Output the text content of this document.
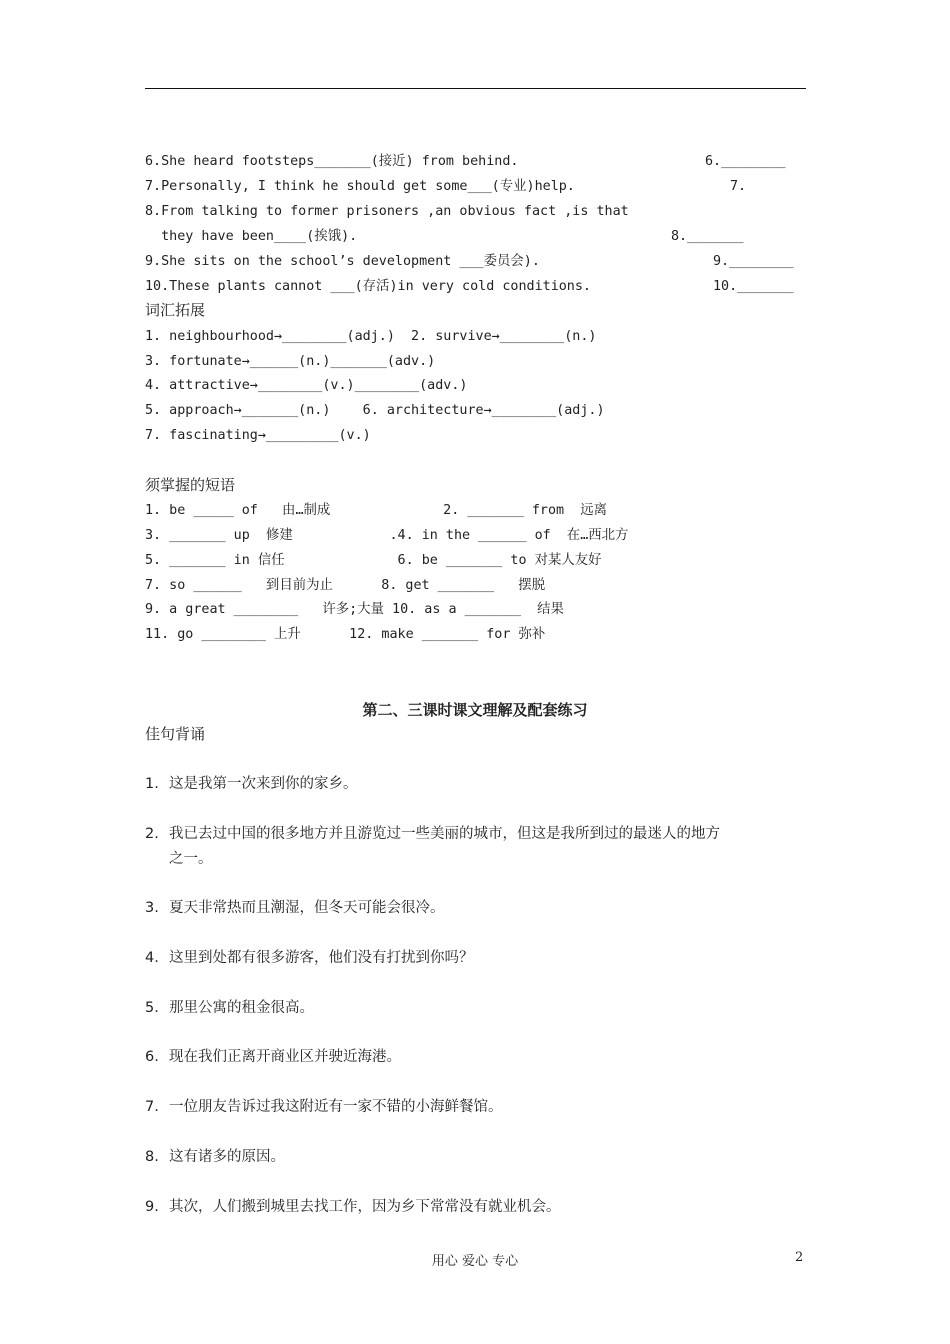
6.She heard footsteps_______(接近) from behind.	6.________
7.Personally, I think he should get some___(专业)help.	7.
8.From talking to former prisoners ,an obvious fact ,is that
they have been____(挨饿).	8._______
9.She sits on the school’s development ___委员会).	9.________
10.These plants cannot ___(存活)in very cold conditions.	10._______
词汇拓展
1. neighbourhood→________(adj.)  2. survive→________(n.)
3. fortunate→______(n.)_______(adv.)
4. attractive→________(v.)________(adv.)
5. approach→_______(n.)    6. architecture→________(adj.)
7. fascinating→_________(v.)
须掌握的短语
1. be _____ of   由…制成              2. _______ from  远离
3. _______ up  修建            .4. in the ______ of  在…西北方
5. _______ in 信任              6. be _______ to 对某人友好
7. so ______   到目前为止      8. get _______   摆脱
9. a great ________   许多;大量 10. as a _______  结果
11. go ________ 上升      12. make _______ for 弥补
第二、三课时课文理解及配套练习
佳句背诵
1. 这是我第一次来到你的家乡。
2. 我已去过中国的很多地方并且游览过一些美丽的城市，但这是我所到过的最迷人的地方
之一。
3. 夏天非常热而且潮湿，但冬天可能会很冷。
4. 这里到处都有很多游客，他们没有打扰到你吗？
5. 那里公寓的租金很高。
6. 现在我们正离开商业区并驶近海港。
7. 一位朋友告诉过我这附近有一家不错的小海鲜餐馆。
8. 这有诸多的原因。
9. 其次，人们搬到城里去找工作，因为乡下常常没有就业机会。
用心 爱心 专心	2
